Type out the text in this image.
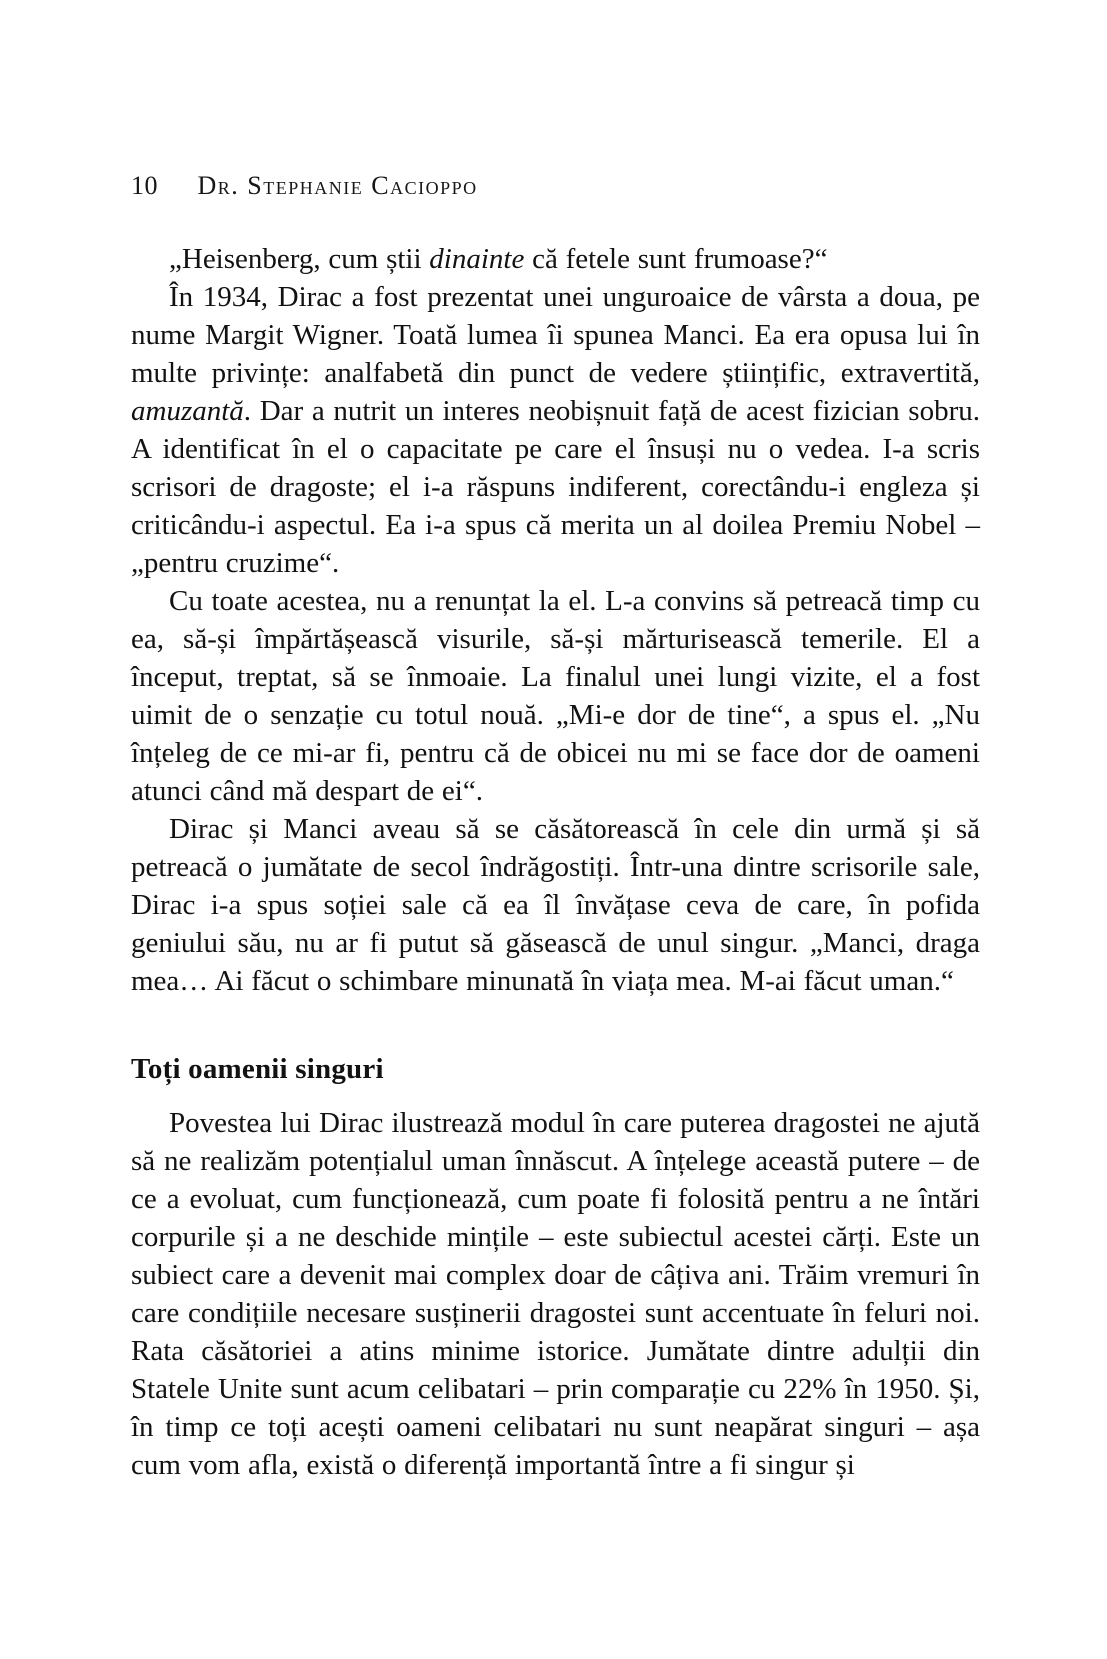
10 Dr. Stephanie Cacioppo

„Heisenberg, cum știi dinainte că fetele sunt frumoase?“

În 1934, Dirac a fost prezentat unei unguroaice de vârsta a doua, pe nume Margit Wigner. Toată lumea îi spunea Manci. Ea era opusa lui în multe privințe: analfabetă din punct de vedere științific, extravertită, amuzantă. Dar a nutrit un interes neobișnuit față de acest fizician sobru. A identificat în el o capacitate pe care el însuși nu o vedea. I-a scris scrisori de dragoste; el i-a răspuns indiferent, corectându-i engleza și criticându-i aspectul. Ea i-a spus că merita un al doilea Premiu Nobel – „pentru cruzime“.

Cu toate acestea, nu a renunțat la el. L-a convins să petreacă timp cu ea, să-și împărtășească visurile, să-și mărturisească temerile. El a început, treptat, să se înmoaie. La finalul unei lungi vizite, el a fost uimit de o senzație cu totul nouă. „Mi-e dor de tine“, a spus el. „Nu înțeleg de ce mi-ar fi, pentru că de obicei nu mi se face dor de oameni atunci când mă despart de ei“.

Dirac și Manci aveau să se căsătorească în cele din urmă și să petreacă o jumătate de secol îndrăgostiți. Într-una dintre scrisorile sale, Dirac i-a spus soției sale că ea îl învățase ceva de care, în pofida geniului său, nu ar fi putut să găsească de unul singur. „Manci, draga mea… Ai făcut o schimbare minunată în viața mea. M-ai făcut uman.“

Toți oamenii singuri

Povestea lui Dirac ilustrează modul în care puterea dragostei ne ajută să ne realizăm potențialul uman înnăscut. A înțelege această putere – de ce a evoluat, cum funcționează, cum poate fi folosită pentru a ne întări corpurile și a ne deschide mințile – este subiectul acestei cărți. Este un subiect care a devenit mai complex doar de câțiva ani. Trăim vremuri în care condițiile necesare susținerii dragostei sunt accentuate în feluri noi. Rata căsătoriei a atins minime istorice. Jumătate dintre adulții din Statele Unite sunt acum celibatari – prin comparație cu 22% în 1950. Și, în timp ce toți acești oameni celibatari nu sunt neapărat singuri – așa cum vom afla, există o diferență importantă între a fi singur și
